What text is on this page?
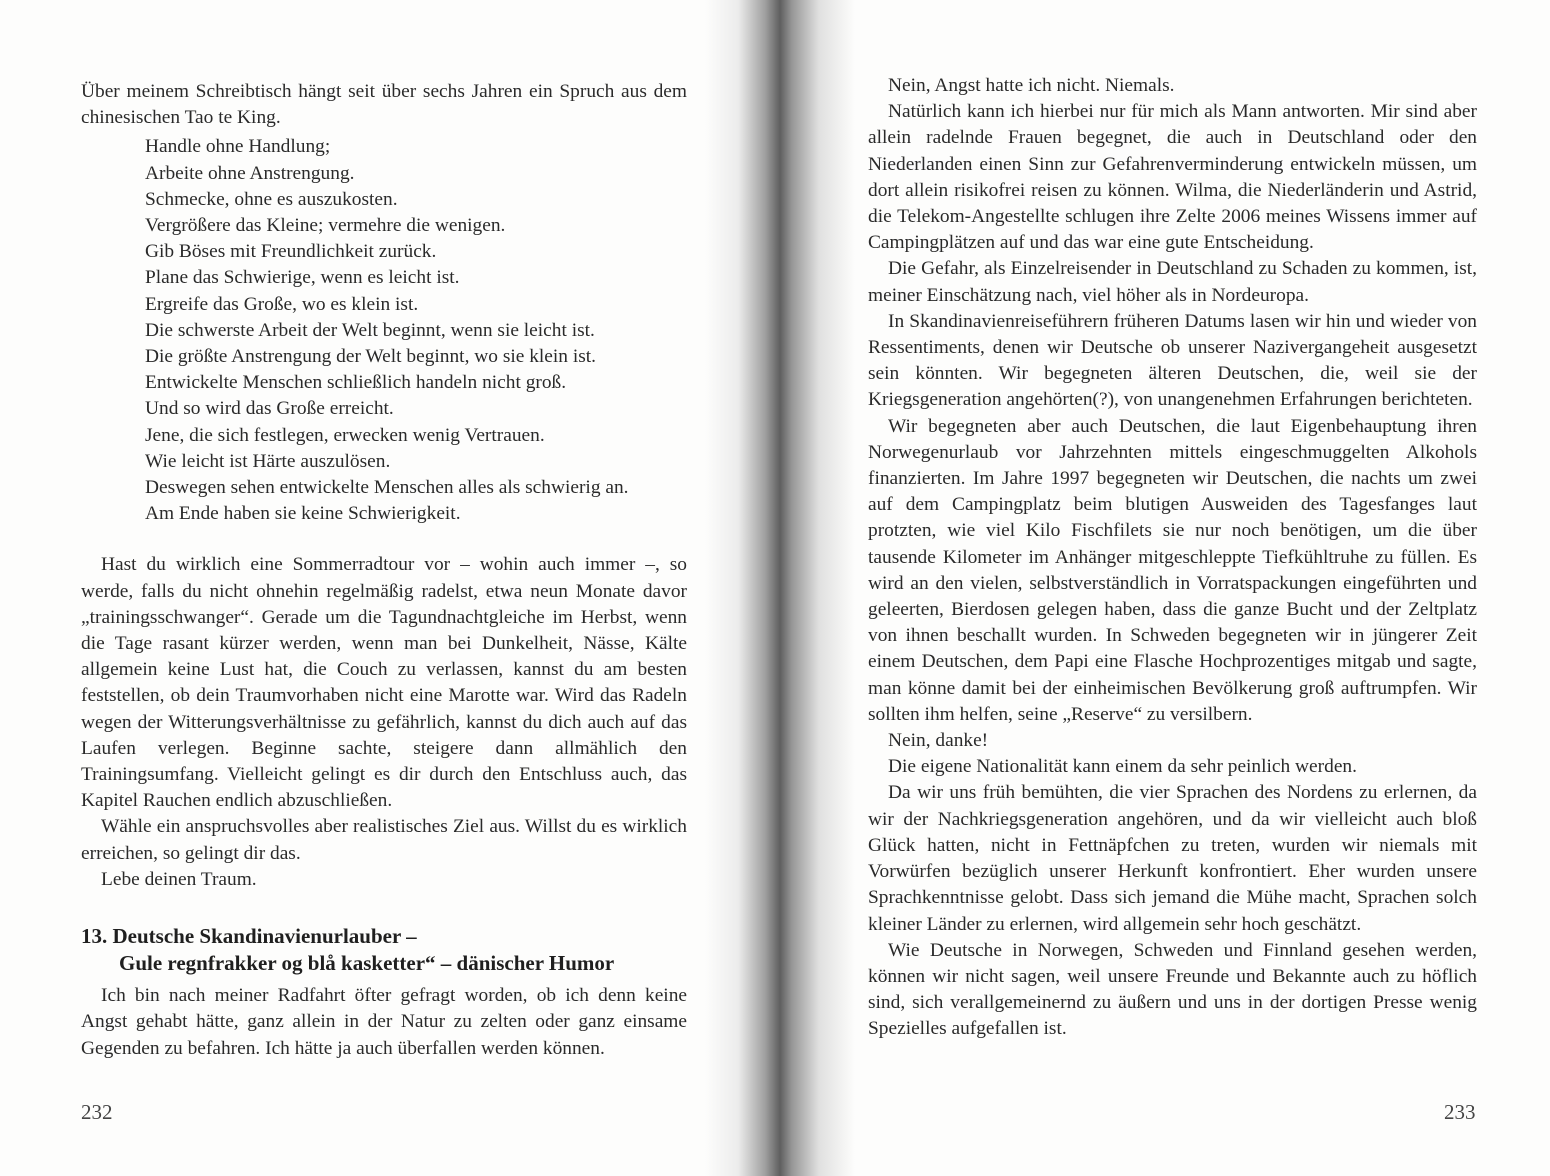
Über meinem Schreibtisch hängt seit über sechs Jahren ein Spruch aus dem chinesischen Tao te King.

Handle ohne Handlung;
Arbeite ohne Anstrengung.
Schmecke, ohne es auszukosten.
Vergrößere das Kleine; vermehre die wenigen.
Gib Böses mit Freundlichkeit zurück.
Plane das Schwierige, wenn es leicht ist.
Ergreife das Große, wo es klein ist.
Die schwerste Arbeit der Welt beginnt, wenn sie leicht ist.
Die größte Anstrengung der Welt beginnt, wo sie klein ist.
Entwickelte Menschen schließlich handeln nicht groß.
Und so wird das Große erreicht.
Jene, die sich festlegen, erwecken wenig Vertrauen.
Wie leicht ist Härte auszulösen.
Deswegen sehen entwickelte Menschen alles als schwierig an.
Am Ende haben sie keine Schwierigkeit.

Hast du wirklich eine Sommerradtour vor – wohin auch immer –, so werde, falls du nicht ohnehin regelmäßig radelst, etwa neun Monate davor „trainingsschwanger“. Gerade um die Tagundnachtgleiche im Herbst, wenn die Tage rasant kürzer werden, wenn man bei Dunkelheit, Nässe, Kälte allgemein keine Lust hat, die Couch zu verlassen, kannst du am besten feststellen, ob dein Traumvorhaben nicht eine Marotte war. Wird das Radeln wegen der Witterungsverhältnisse zu gefährlich, kannst du dich auch auf das Laufen verlegen. Beginne sachte, steigere dann allmählich den Trainingsumfang. Vielleicht gelingt es dir durch den Entschluss auch, das Kapitel Rauchen endlich abzuschließen.

Wähle ein anspruchsvolles aber realistisches Ziel aus. Willst du es wirklich erreichen, so gelingt dir das.

Lebe deinen Traum.

13. Deutsche Skandinavienurlauber –
Gule regnfrakker og blå kasketter“ – dänischer Humor

Ich bin nach meiner Radfahrt öfter gefragt worden, ob ich denn keine Angst gehabt hätte, ganz allein in der Natur zu zelten oder ganz einsame Gegenden zu befahren. Ich hätte ja auch überfallen werden können.

232

Nein, Angst hatte ich nicht. Niemals.

Natürlich kann ich hierbei nur für mich als Mann antworten. Mir sind aber allein radelnde Frauen begegnet, die auch in Deutschland oder den Niederlanden einen Sinn zur Gefahrenverminderung entwickeln müssen, um dort allein risikofrei reisen zu können. Wilma, die Niederländerin und Astrid, die Telekom-Angestellte schlugen ihre Zelte 2006 meines Wissens immer auf Campingplätzen auf und das war eine gute Entscheidung.

Die Gefahr, als Einzelreisender in Deutschland zu Schaden zu kommen, ist, meiner Einschätzung nach, viel höher als in Nordeuropa.

In Skandinavienreiseführern früheren Datums lasen wir hin und wieder von Ressentiments, denen wir Deutsche ob unserer Nazivergangeheit ausgesetzt sein könnten. Wir begegneten älteren Deutschen, die, weil sie der Kriegsgeneration angehörten(?), von unangenehmen Erfahrungen berichteten.

Wir begegneten aber auch Deutschen, die laut Eigenbehauptung ihren Norwegenurlaub vor Jahrzehnten mittels eingeschmuggelten Alkohols finanzierten. Im Jahre 1997 begegneten wir Deutschen, die nachts um zwei auf dem Campingplatz beim blutigen Ausweiden des Tagesfanges laut protzten, wie viel Kilo Fischfilets sie nur noch benötigen, um die über tausende Kilometer im Anhänger mitgeschleppte Tiefkühltruhe zu füllen. Es wird an den vielen, selbstverständlich in Vorratspackungen eingeführten und geleerten, Bierdosen gelegen haben, dass die ganze Bucht und der Zeltplatz von ihnen beschallt wurden. In Schweden begegneten wir in jüngerer Zeit einem Deutschen, dem Papi eine Flasche Hochprozentiges mitgab und sagte, man könne damit bei der einheimischen Bevölkerung groß auftrumpfen. Wir sollten ihm helfen, seine „Reserve“ zu versilbern.

Nein, danke!

Die eigene Nationalität kann einem da sehr peinlich werden.

Da wir uns früh bemühten, die vier Sprachen des Nordens zu erlernen, da wir der Nachkriegsgeneration angehören, und da wir vielleicht auch bloß Glück hatten, nicht in Fettnäpfchen zu treten, wurden wir niemals mit Vorwürfen bezüglich unserer Herkunft konfrontiert. Eher wurden unsere Sprachkenntnisse gelobt. Dass sich jemand die Mühe macht, Sprachen solch kleiner Länder zu erlernen, wird allgemein sehr hoch geschätzt.

Wie Deutsche in Norwegen, Schweden und Finnland gesehen werden, können wir nicht sagen, weil unsere Freunde und Bekannte auch zu höflich sind, sich verallgemeinernd zu äußern und uns in der dortigen Presse wenig Spezielles aufgefallen ist.

233
